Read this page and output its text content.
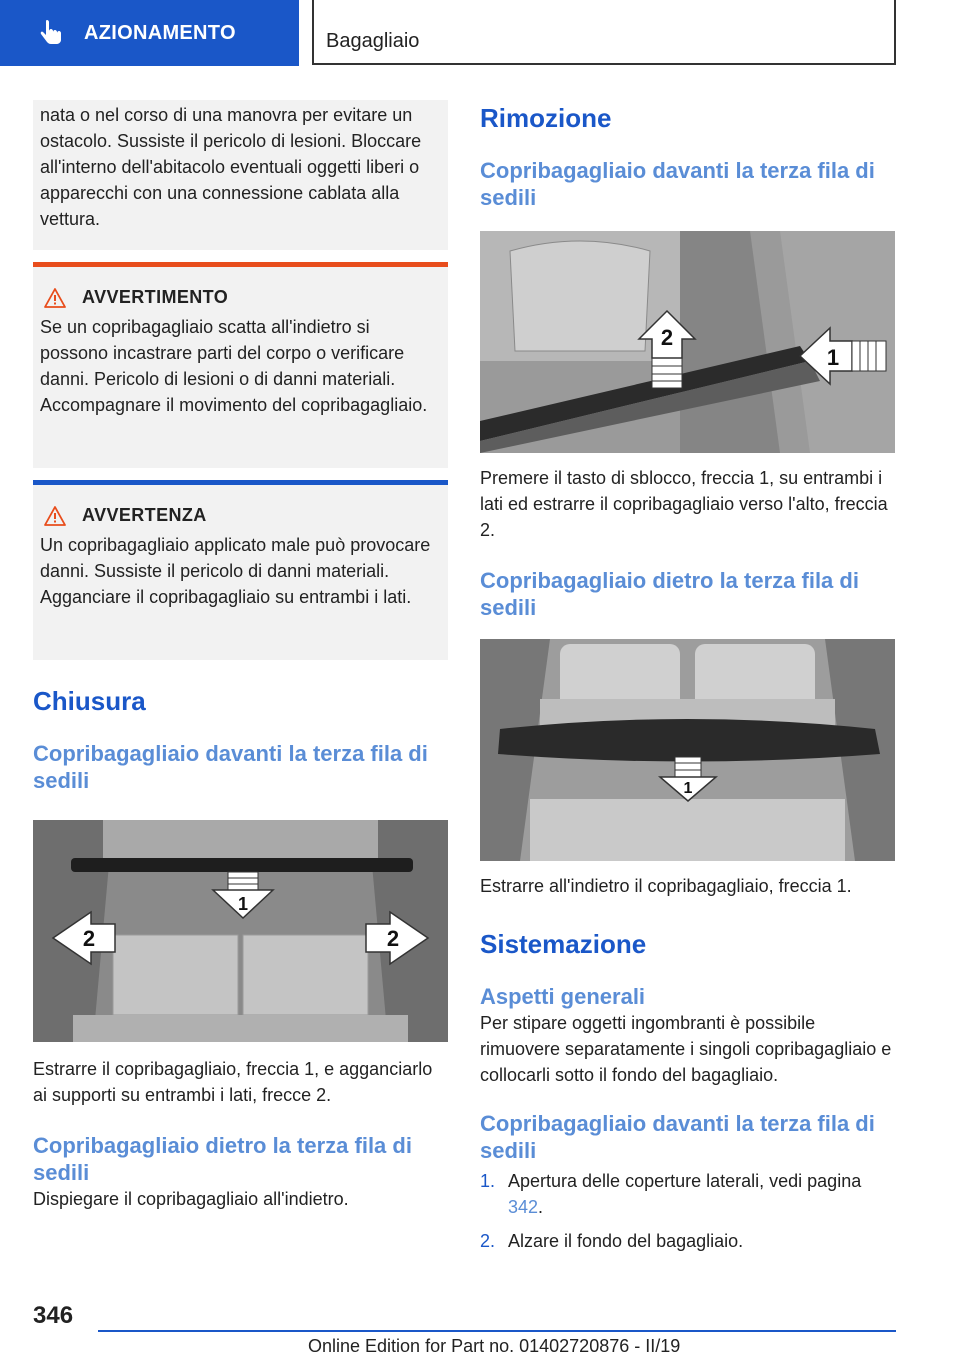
AZIONAMENTO	Bagagliaio

nata o nel corso di una manovra per evitare un ostacolo. Sussiste il pericolo di lesioni. Bloccare all'interno dell'abitacolo eventuali oggetti liberi o apparecchi con una connessione cablata alla vettura.

AVVERTIMENTO

Se un copribagagliaio scatta all'indietro si possono incastrare parti del corpo o verificare danni. Pericolo di lesioni o di danni materiali. Accompagnare il movimento del copribagagliaio.

AVVERTENZA

Un copribagagliaio applicato male può provocare danni. Sussiste il pericolo di danni materiali. Agganciare il copribagagliaio su entrambi i lati.

Chiusura
Copribagagliaio davanti la terza fila di sedili
1
2	2

Estrarre il copribagagliaio, freccia 1, e agganciarlo ai supporti su entrambi i lati, frecce 2.

Copribagagliaio dietro la terza fila di sedili

Dispiegare il copribagagliaio all'indietro.

Rimozione
Copribagagliaio davanti la terza fila di sedili
2
1

Premere il tasto di sblocco, freccia 1, su entrambi i lati ed estrarre il copribagagliaio verso l'alto, freccia 2.

Copribagagliaio dietro la terza fila di sedili
1

Estrarre all'indietro il copribagagliaio, freccia 1.

Sistemazione
Aspetti generali

Per stipare oggetti ingombranti è possibile rimuovere separatamente i singoli copribagagliaio e collocarli sotto il fondo del bagagliaio.

Copribagagliaio davanti la terza fila di sedili
1. Apertura delle coperture laterali, vedi pagina 342.
2. Alzare il fondo del bagagliaio.
346
Online Edition for Part no. 01402720876 - II/19
